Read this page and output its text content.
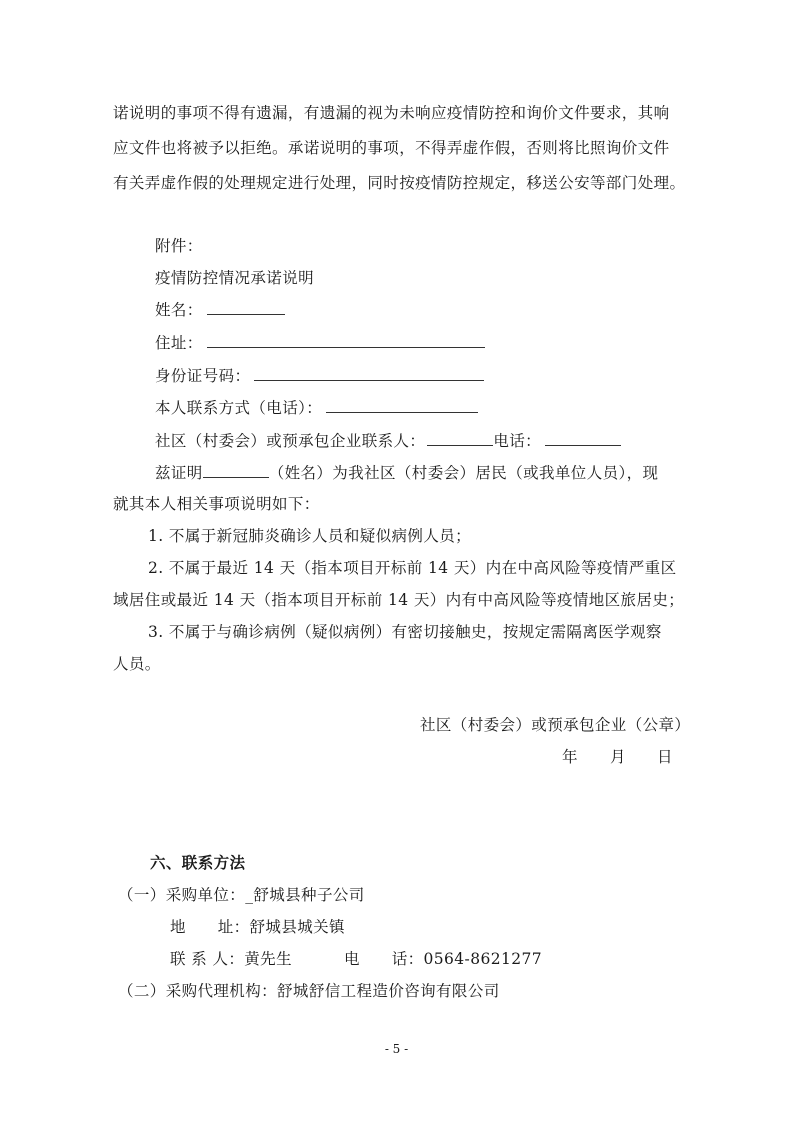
诺说明的事项不得有遗漏，有遗漏的视为未响应疫情防控和询价文件要求，其响
应文件也将被予以拒绝。承诺说明的事项，不得弄虚作假，否则将比照询价文件
有关弄虚作假的处理规定进行处理，同时按疫情防控规定，移送公安等部门处理。
附件：
疫情防控情况承诺说明
姓名：
住址：
身份证号码：
本人联系方式（电话）：
社区（村委会）或预承包企业联系人：	电话：
兹证明	（姓名）为我社区（村委会）居民（或我单位人员），现
就其本人相关事项说明如下：
1. 不属于新冠肺炎确诊人员和疑似病例人员；
2. 不属于最近 14 天（指本项目开标前 14 天）内在中高风险等疫情严重区
域居住或最近 14 天（指本项目开标前 14 天）内有中高风险等疫情地区旅居史；
3. 不属于与确诊病例（疑似病例）有密切接触史，按规定需隔离医学观察
人员。
社区（村委会）或预承包企业（公章）
年 月 日
六、联系方法
（一）采购单位：_舒城县种子公司
地　　址：舒城县城关镇
联 系 人：黄先生	电　　话：0564-8621277
（二）采购代理机构：舒城舒信工程造价咨询有限公司
- 5 -
